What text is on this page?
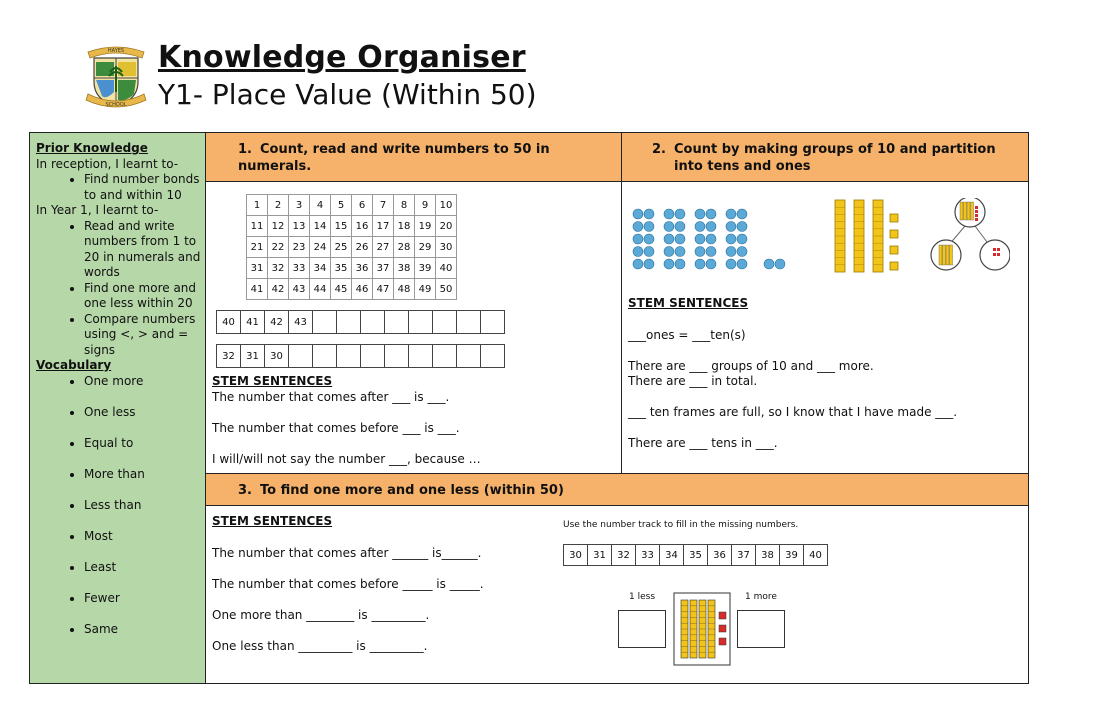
HAYES
SCHOOL
Knowledge Organiser
Y1- Place Value (Within 50)
Prior Knowledge
In reception, I learnt to-
• Find number bonds to and within 10
In Year 1, I learnt to-
• Read and write numbers from 1 to 20 in numerals and words
• Find one more and one less within 20
• Compare numbers using <, > and = signs
Vocabulary
• One more
• One less
• Equal to
• More than
• Less than
• Most
• Least
• Fewer
• Same
1. Count, read and write numbers to 50 in numerals.
2. Count by making groups of 10 and partition into tens and ones
3. To find one more and one less (within 50)
1	2	3	4	5	6	7	8	9	10
11	12	13	14	15	16	17	18	19	20
21	22	23	24	25	26	27	28	29	30
31	32	33	34	35	36	37	38	39	40
41	42	43	44	45	46	47	48	49	50
40	41	42	43								
32	31	30									
STEM SENTENCES
The number that comes after ___ is ___.
The number that comes before ___ is ___.
I will/will not say the number ___, because …
STEM SENTENCES
___ones = ___ten(s)
There are ___ groups of 10 and ___ more.
There are ___ in total.
___ ten frames are full, so I know that I have made ___.
There are ___ tens in ___.
STEM SENTENCES
The number that comes after ______ is______.
The number that comes before _____ is _____.
One more than ________ is _________.
One less than _________ is _________.
Use the number track to fill in the missing numbers.
30	31	32	33	34	35	36	37	38	39	40
1 less	1 more
